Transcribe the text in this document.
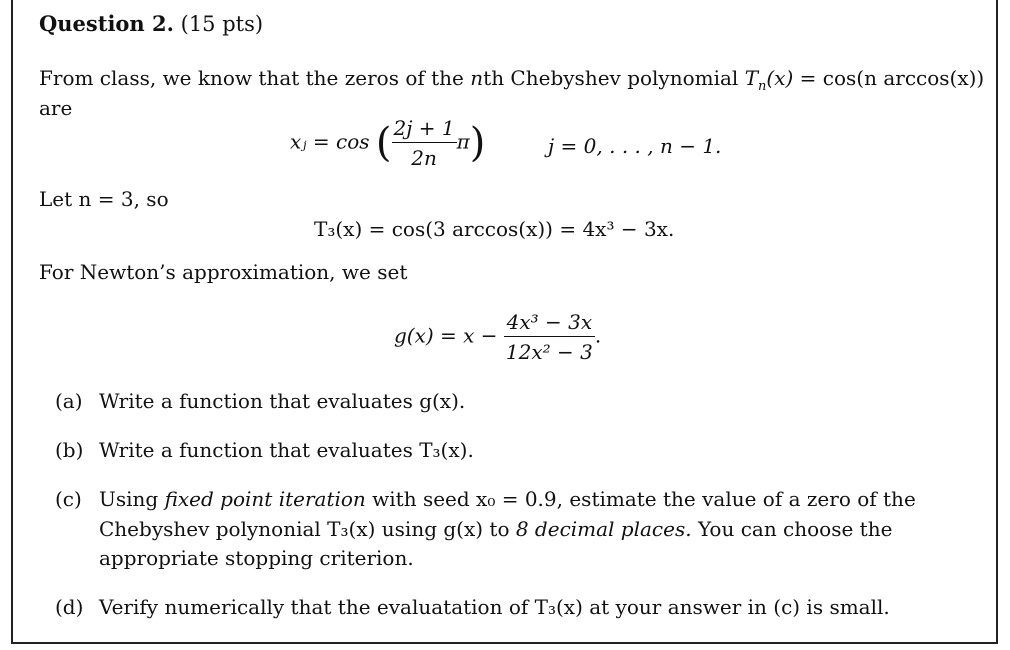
Question 2. (15 pts)
From class, we know that the zeros of the nth Chebyshev polynomial $T_n(x) = \cos(n$ arccos(x))
are
xⱼ = cos ( $\frac{2j + 1}{2n} \pi$)	j = 0, . . . , n − 1.
Let n = 3, so
T₃(x) = cos(3 arccos(x)) = 4x³ − 3x.
For Newton’s approximation, we set
$g(x) = x - \frac{\text{4x³ − 3x}}{\text{12x² − 3}}$ .
(a) Write a function that evaluates g(x).
(b) Write a function that evaluates T₃(x).
(c) Using fixed point iteration with seed x₀ = 0.9, estimate the value of a zero of the
Chebyshev polynonial T₃(x) using g(x) to 8 decimal places. You can choose the
appropriate stopping criterion.
(d) Verify numerically that the evaluatation of T₃(x) at your answer in (c) is small.
